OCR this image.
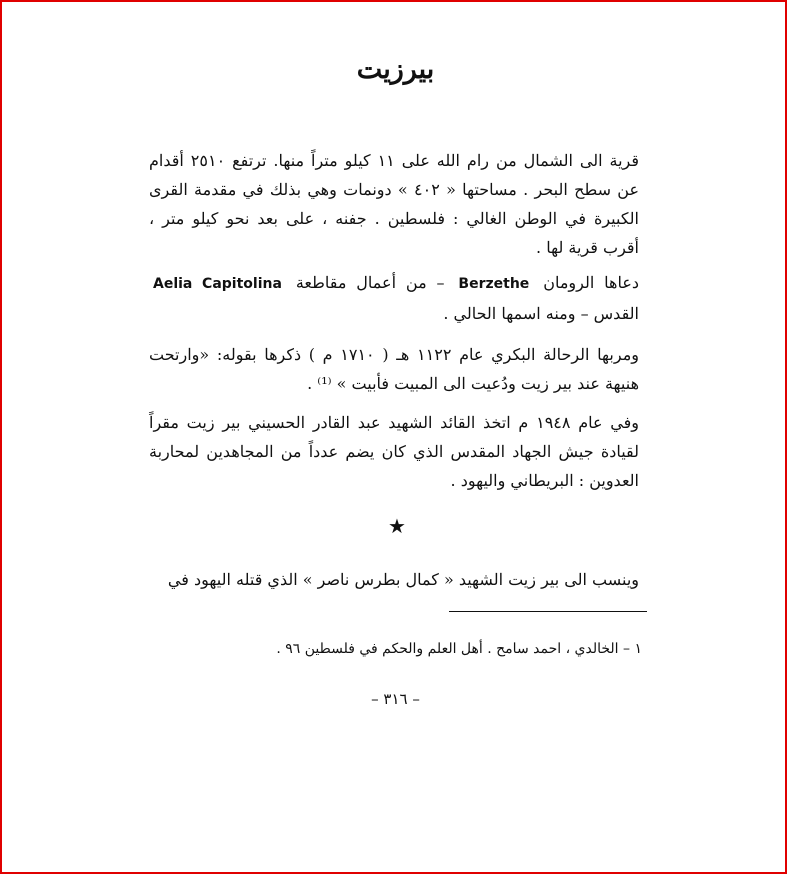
بيرزيت
قرية الى الشمال من رام الله على ١١ كيلو متراً منها. ترتفع ٢٥١٠ أقدام عن سطح البحر . مساحتها « ٤٠٢ » دونمات وهي بذلك في مقدمة القرى الكبيرة في الوطن الغالي : فلسطين . جفنه ، على بعد نحو كيلو متر ، أقرب قرية لها .
دعاها الرومان Berzethe – من أعمال مقاطعة Aelia Capitolina القدس – ومنه اسمها الحالي .
ومربها الرحالة البكري عام ١١٢٢ هـ ( ١٧١٠ م ) ذكرها بقوله: «وارتحت هنيهة عند بير زيت ودُعيت الى المبيت فأبيت » ⁽¹⁾ .
وفي عام ١٩٤٨ م اتخذ القائد الشهيد عبد القادر الحسيني بير زيت مقراً لقيادة جيش الجهاد المقدس الذي كان يضم عدداً من المجاهدين لمحاربة العدوين : البريطاني واليهود .
★
وينسب الى بير زيت الشهيد « كمال بطرس ناصر » الذي قتله اليهود في
١ – الخالدي ، احمد سامح . أهل العلم والحكم في فلسطين ٩٦ .
– ٣١٦ –
